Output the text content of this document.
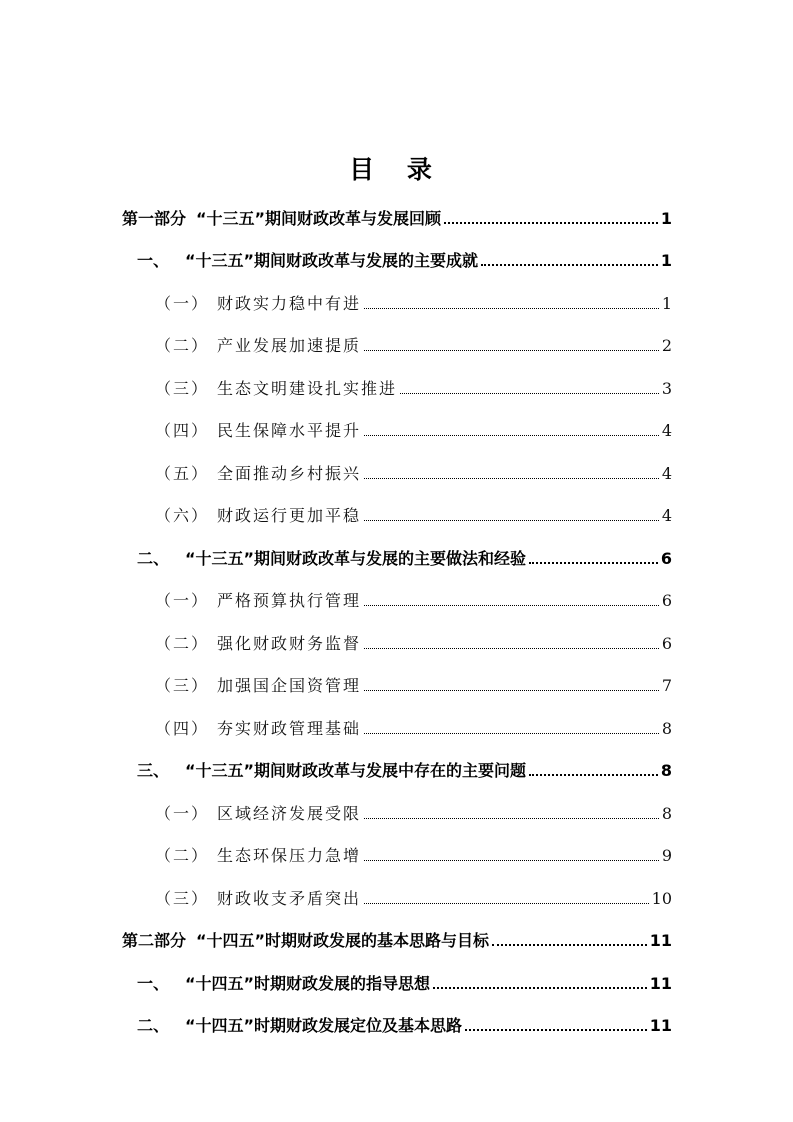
目 录
第一部分 “十三五”期间财政改革与发展回顾	1
一、 “十三五”期间财政改革与发展的主要成就	1
（一） 财政实力稳中有进	1
（二） 产业发展加速提质	2
（三） 生态文明建设扎实推进	3
（四） 民生保障水平提升	4
（五） 全面推动乡村振兴	4
（六） 财政运行更加平稳	4
二、 “十三五”期间财政改革与发展的主要做法和经验	6
（一） 严格预算执行管理	6
（二） 强化财政财务监督	6
（三） 加强国企国资管理	7
（四） 夯实财政管理基础	8
三、 “十三五”期间财政改革与发展中存在的主要问题	8
（一） 区域经济发展受限	8
（二） 生态环保压力急增	9
（三） 财政收支矛盾突出	10
第二部分 “十四五”时期财政发展的基本思路与目标	11
一、 “十四五”时期财政发展的指导思想	11
二、 “十四五”时期财政发展定位及基本思路	11
